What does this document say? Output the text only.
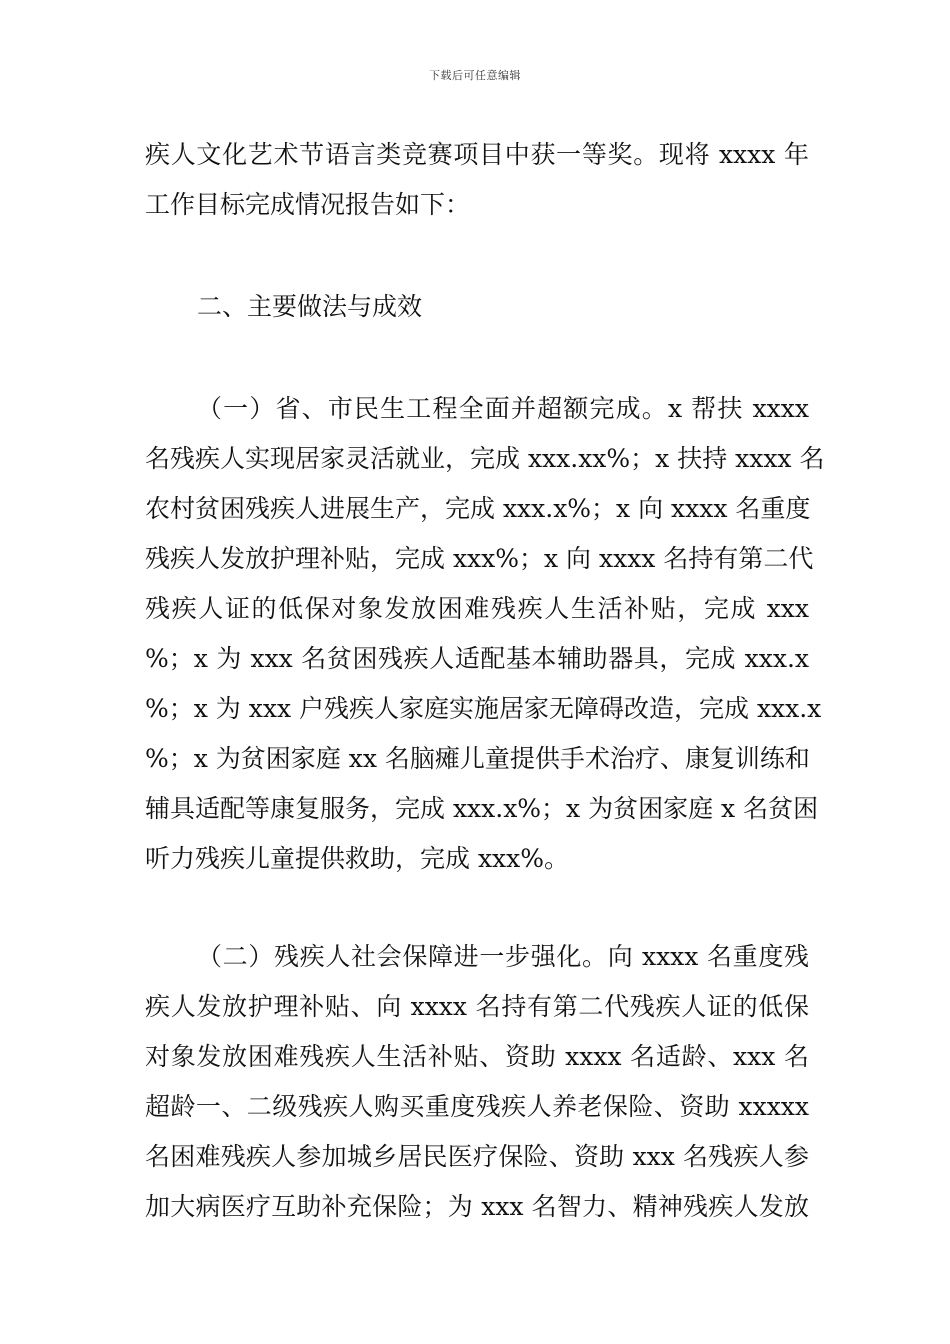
下载后可任意编辑
疾人文化艺术节语言类竞赛项目中获一等奖。现将 xxxx 年
工作目标完成情况报告如下：
二、主要做法与成效
（一）省、市民生工程全面并超额完成。x 帮扶 xxxx
名残疾人实现居家灵活就业，完成 xxx.xx%；x 扶持 xxxx 名
农村贫困残疾人进展生产，完成 xxx.x%；x 向 xxxx 名重度
残疾人发放护理补贴，完成 xxx%；x 向 xxxx 名持有第二代
残疾人证的低保对象发放困难残疾人生活补贴，完成 xxx
%；x 为 xxx 名贫困残疾人适配基本辅助器具，完成 xxx.x
%；x 为 xxx 户残疾人家庭实施居家无障碍改造，完成 xxx.x
%；x 为贫困家庭 xx 名脑瘫儿童提供手术治疗、康复训练和
辅具适配等康复服务，完成 xxx.x%；x 为贫困家庭 x 名贫困
听力残疾儿童提供救助，完成 xxx%。
（二）残疾人社会保障进一步强化。向 xxxx 名重度残
疾人发放护理补贴、向 xxxx 名持有第二代残疾人证的低保
对象发放困难残疾人生活补贴、资助 xxxx 名适龄、xxx 名
超龄一、二级残疾人购买重度残疾人养老保险、资助 xxxxx
名困难残疾人参加城乡居民医疗保险、资助 xxx 名残疾人参
加大病医疗互助补充保险；为 xxx 名智力、精神残疾人发放
